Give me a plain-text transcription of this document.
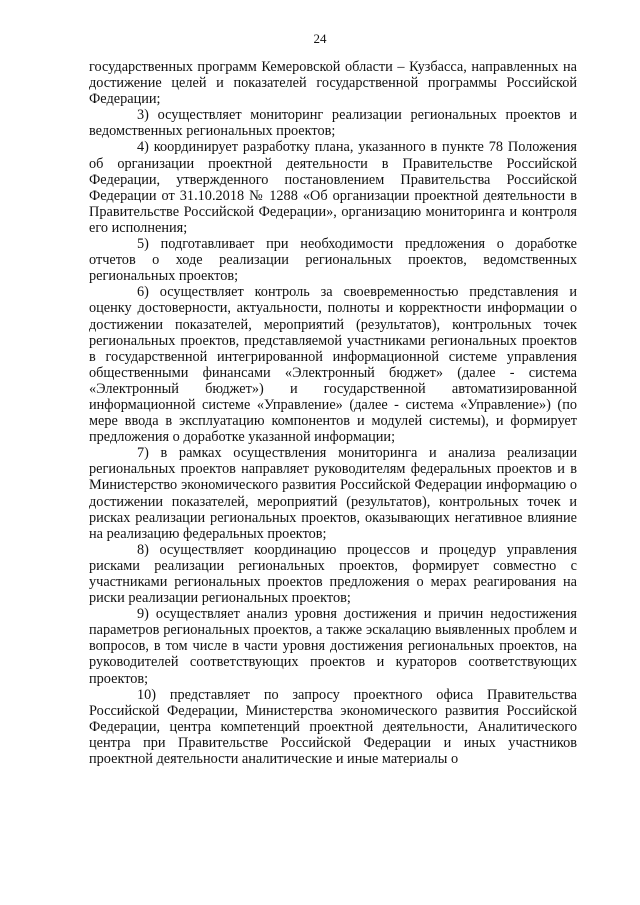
24

государственных программ Кемеровской области – Кузбасса, направленных на достижение целей и показателей государственной программы Российской Федерации;

3) осуществляет мониторинг реализации региональных проектов и ведомственных региональных проектов;

4) координирует разработку плана, указанного в пункте 78 Положения об организации проектной деятельности в Правительстве Российской Федерации, утвержденного постановлением Правительства Российской Федерации от 31.10.2018 № 1288 «Об организации проектной деятельности в Правительстве Российской Федерации», организацию мониторинга и контроля его исполнения;

5) подготавливает при необходимости предложения о доработке отчетов о ходе реализации региональных проектов, ведомственных региональных проектов;

6) осуществляет контроль за своевременностью представления и оценку достоверности, актуальности, полноты и корректности информации о достижении показателей, мероприятий (результатов), контрольных точек региональных проектов, представляемой участниками региональных проектов в государственной интегрированной информационной системе управления общественными финансами «Электронный бюджет» (далее - система «Электронный бюджет») и государственной автоматизированной информационной системе «Управление» (далее - система «Управление») (по мере ввода в эксплуатацию компонентов и модулей системы), и формирует предложения о доработке указанной информации;

7) в рамках осуществления мониторинга и анализа реализации региональных проектов направляет руководителям федеральных проектов и в Министерство экономического развития Российской Федерации информацию о достижении показателей, мероприятий (результатов), контрольных точек и рисках реализации региональных проектов, оказывающих негативное влияние на реализацию федеральных проектов;

8) осуществляет координацию процессов и процедур управления рисками реализации региональных проектов, формирует совместно с участниками региональных проектов предложения о мерах реагирования на риски реализации региональных проектов;

9) осуществляет анализ уровня достижения и причин недостижения параметров региональных проектов, а также эскалацию выявленных проблем и вопросов, в том числе в части уровня достижения региональных проектов, на руководителей соответствующих проектов и кураторов соответствующих проектов;

10) представляет по запросу проектного офиса Правительства Российской Федерации, Министерства экономического развития Российской Федерации, центра компетенций проектной деятельности, Аналитического центра при Правительстве Российской Федерации и иных участников проектной деятельности аналитические и иные материалы о
